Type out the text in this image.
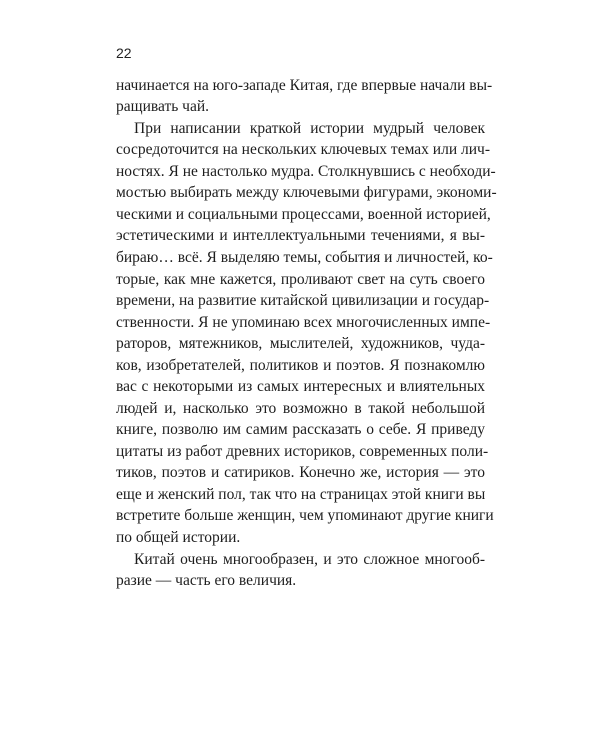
22
начинается на юго-западе Китая, где впервые начали вы-
ращивать чай.
При написании краткой истории мудрый человек
сосредоточится на нескольких ключевых темах или лич-
ностях. Я не настолько мудра. Столкнувшись с необходи-
мостью выбирать между ключевыми фигурами, экономи-
ческими и социальными процессами, военной историей,
эстетическими и интеллектуальными течениями, я вы-
бираю… всё. Я выделяю темы, события и личностей, ко-
торые, как мне кажется, проливают свет на суть своего
времени, на развитие китайской цивилизации и государ-
ственности. Я не упоминаю всех многочисленных импе-
раторов, мятежников, мыслителей, художников, чуда-
ков, изобретателей, политиков и поэтов. Я познакомлю
вас с некоторыми из самых интересных и влиятельных
людей и, насколько это возможно в такой небольшой
книге, позволю им самим рассказать о себе. Я приведу
цитаты из работ древних историков, современных поли-
тиков, поэтов и сатириков. Конечно же, история — это
еще и женский пол, так что на страницах этой книги вы
встретите больше женщин, чем упоминают другие книги
по общей истории.
Китай очень многообразен, и это сложное многооб-
разие — часть его величия.
